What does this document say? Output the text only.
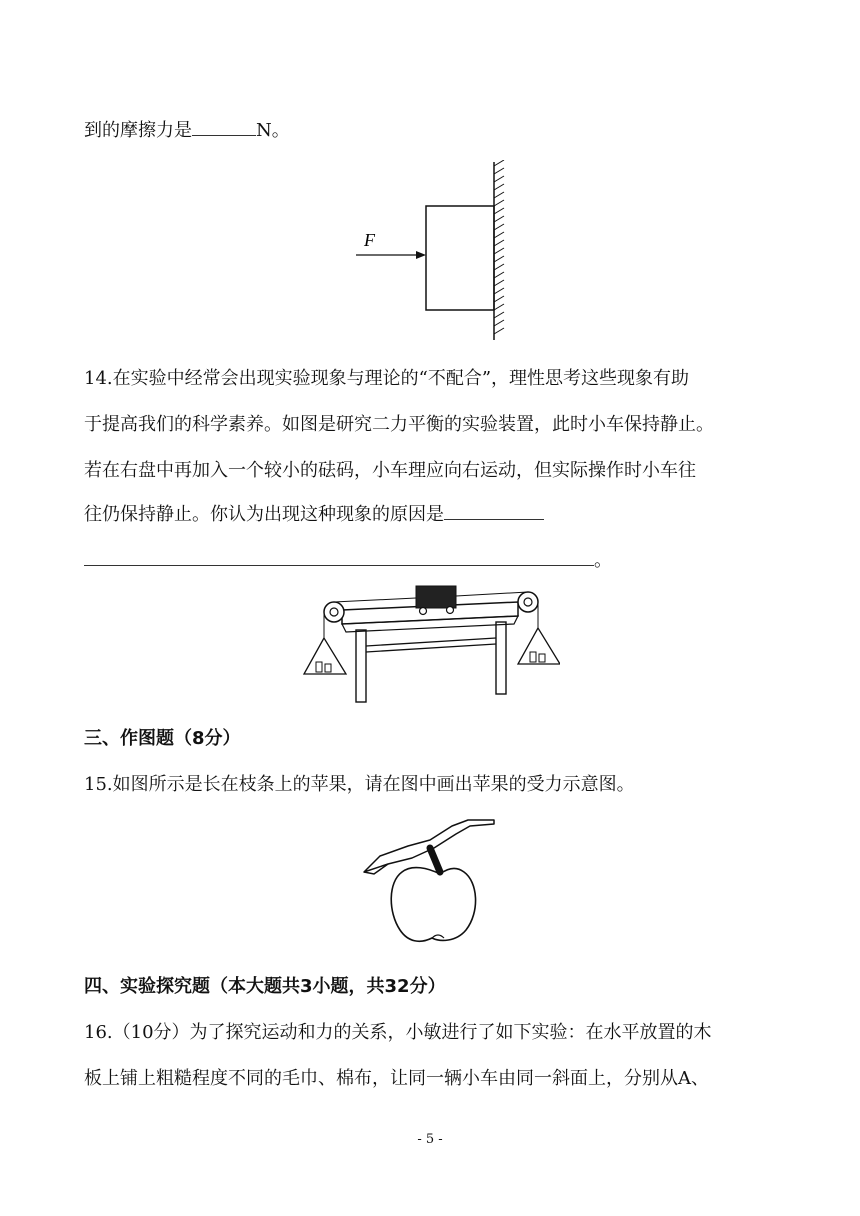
到的摩擦力是	N。
F
14.在实验中经常会出现实验现象与理论的“不配合”，理性思考这些现象有助
于提高我们的科学素养。如图是研究二力平衡的实验装置，此时小车保持静止。
若在右盘中再加入一个较小的砝码，小车理应向右运动，但实际操作时小车往
往仍保持静止。你认为出现这种现象的原因是
。
三、作图题（8分）
15.如图所示是长在枝条上的苹果，请在图中画出苹果的受力示意图。
四、实验探究题（本大题共3小题，共32分）
16.（10分）为了探究运动和力的关系，小敏进行了如下实验：在水平放置的木
板上铺上粗糙程度不同的毛巾、棉布，让同一辆小车由同一斜面上，分别从A、
- 5 -
